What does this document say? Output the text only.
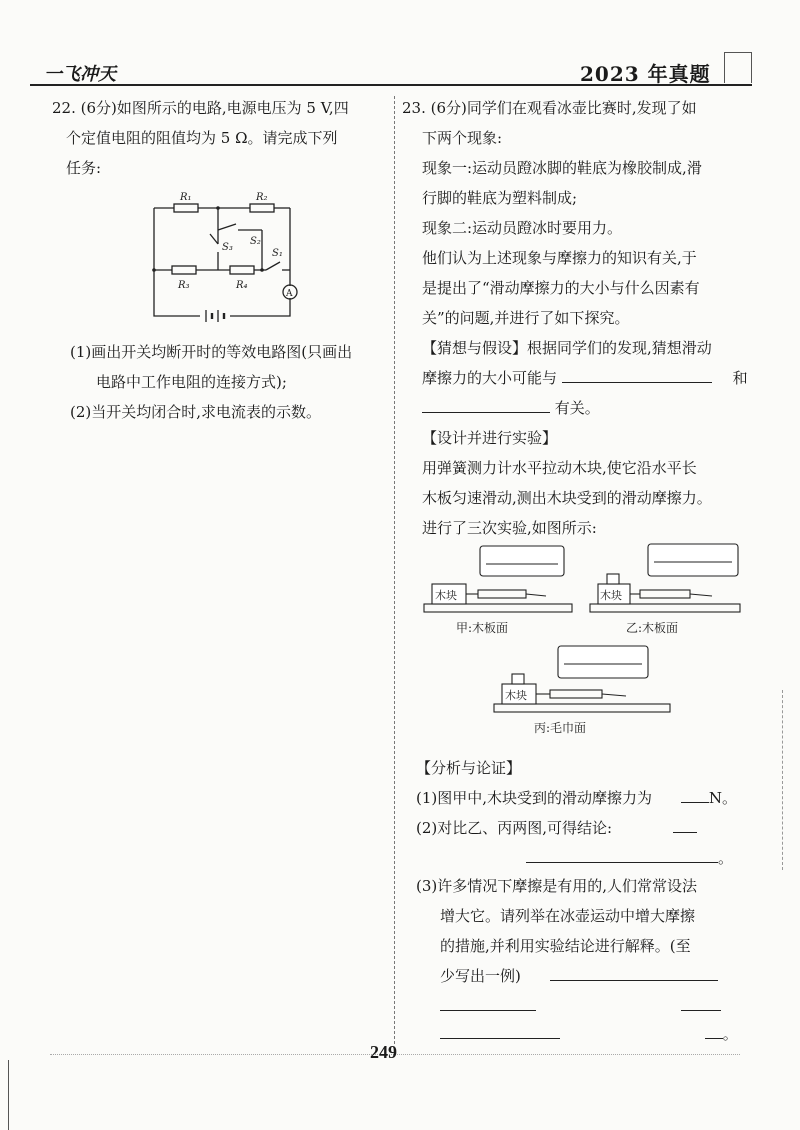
一飞冲天	2023 年真题
22. (6分)如图所示的电路,电源电压为 5 V,四
个定值电阻的阻值均为 5 Ω。请完成下列
任务:
R₁	R₂
R₃	R₄
S₁
S₂
S₃
A
(1)画出开关均断开时的等效电路图(只画出
电路中工作电阻的连接方式);
(2)当开关均闭合时,求电流表的示数。
23. (6分)同学们在观看冰壶比赛时,发现了如
下两个现象:
现象一:运动员蹬冰脚的鞋底为橡胶制成,滑
行脚的鞋底为塑料制成;
现象二:运动员蹬冰时要用力。
他们认为上述现象与摩擦力的知识有关,于
是提出了“滑动摩擦力的大小与什么因素有
关”的问题,并进行了如下探究。
【猜想与假设】根据同学们的发现,猜想滑动
摩擦力的大小可能与	和
有关。
【设计并进行实验】
用弹簧测力计水平拉动木块,使它沿水平长
木板匀速滑动,测出木块受到的滑动摩擦力。
进行了三次实验,如图所示:
木块	木块
木块
甲:木板面	乙:木板面
丙:毛巾面
【分析与论证】
(1)图甲中,木块受到的滑动摩擦力为	N。
(2)对比乙、丙两图,可得结论:
。
(3)许多情况下摩擦是有用的,人们常常设法
增大它。请列举在冰壶运动中增大摩擦
的措施,并利用实验结论进行解释。(至
少写出一例)

。
249
